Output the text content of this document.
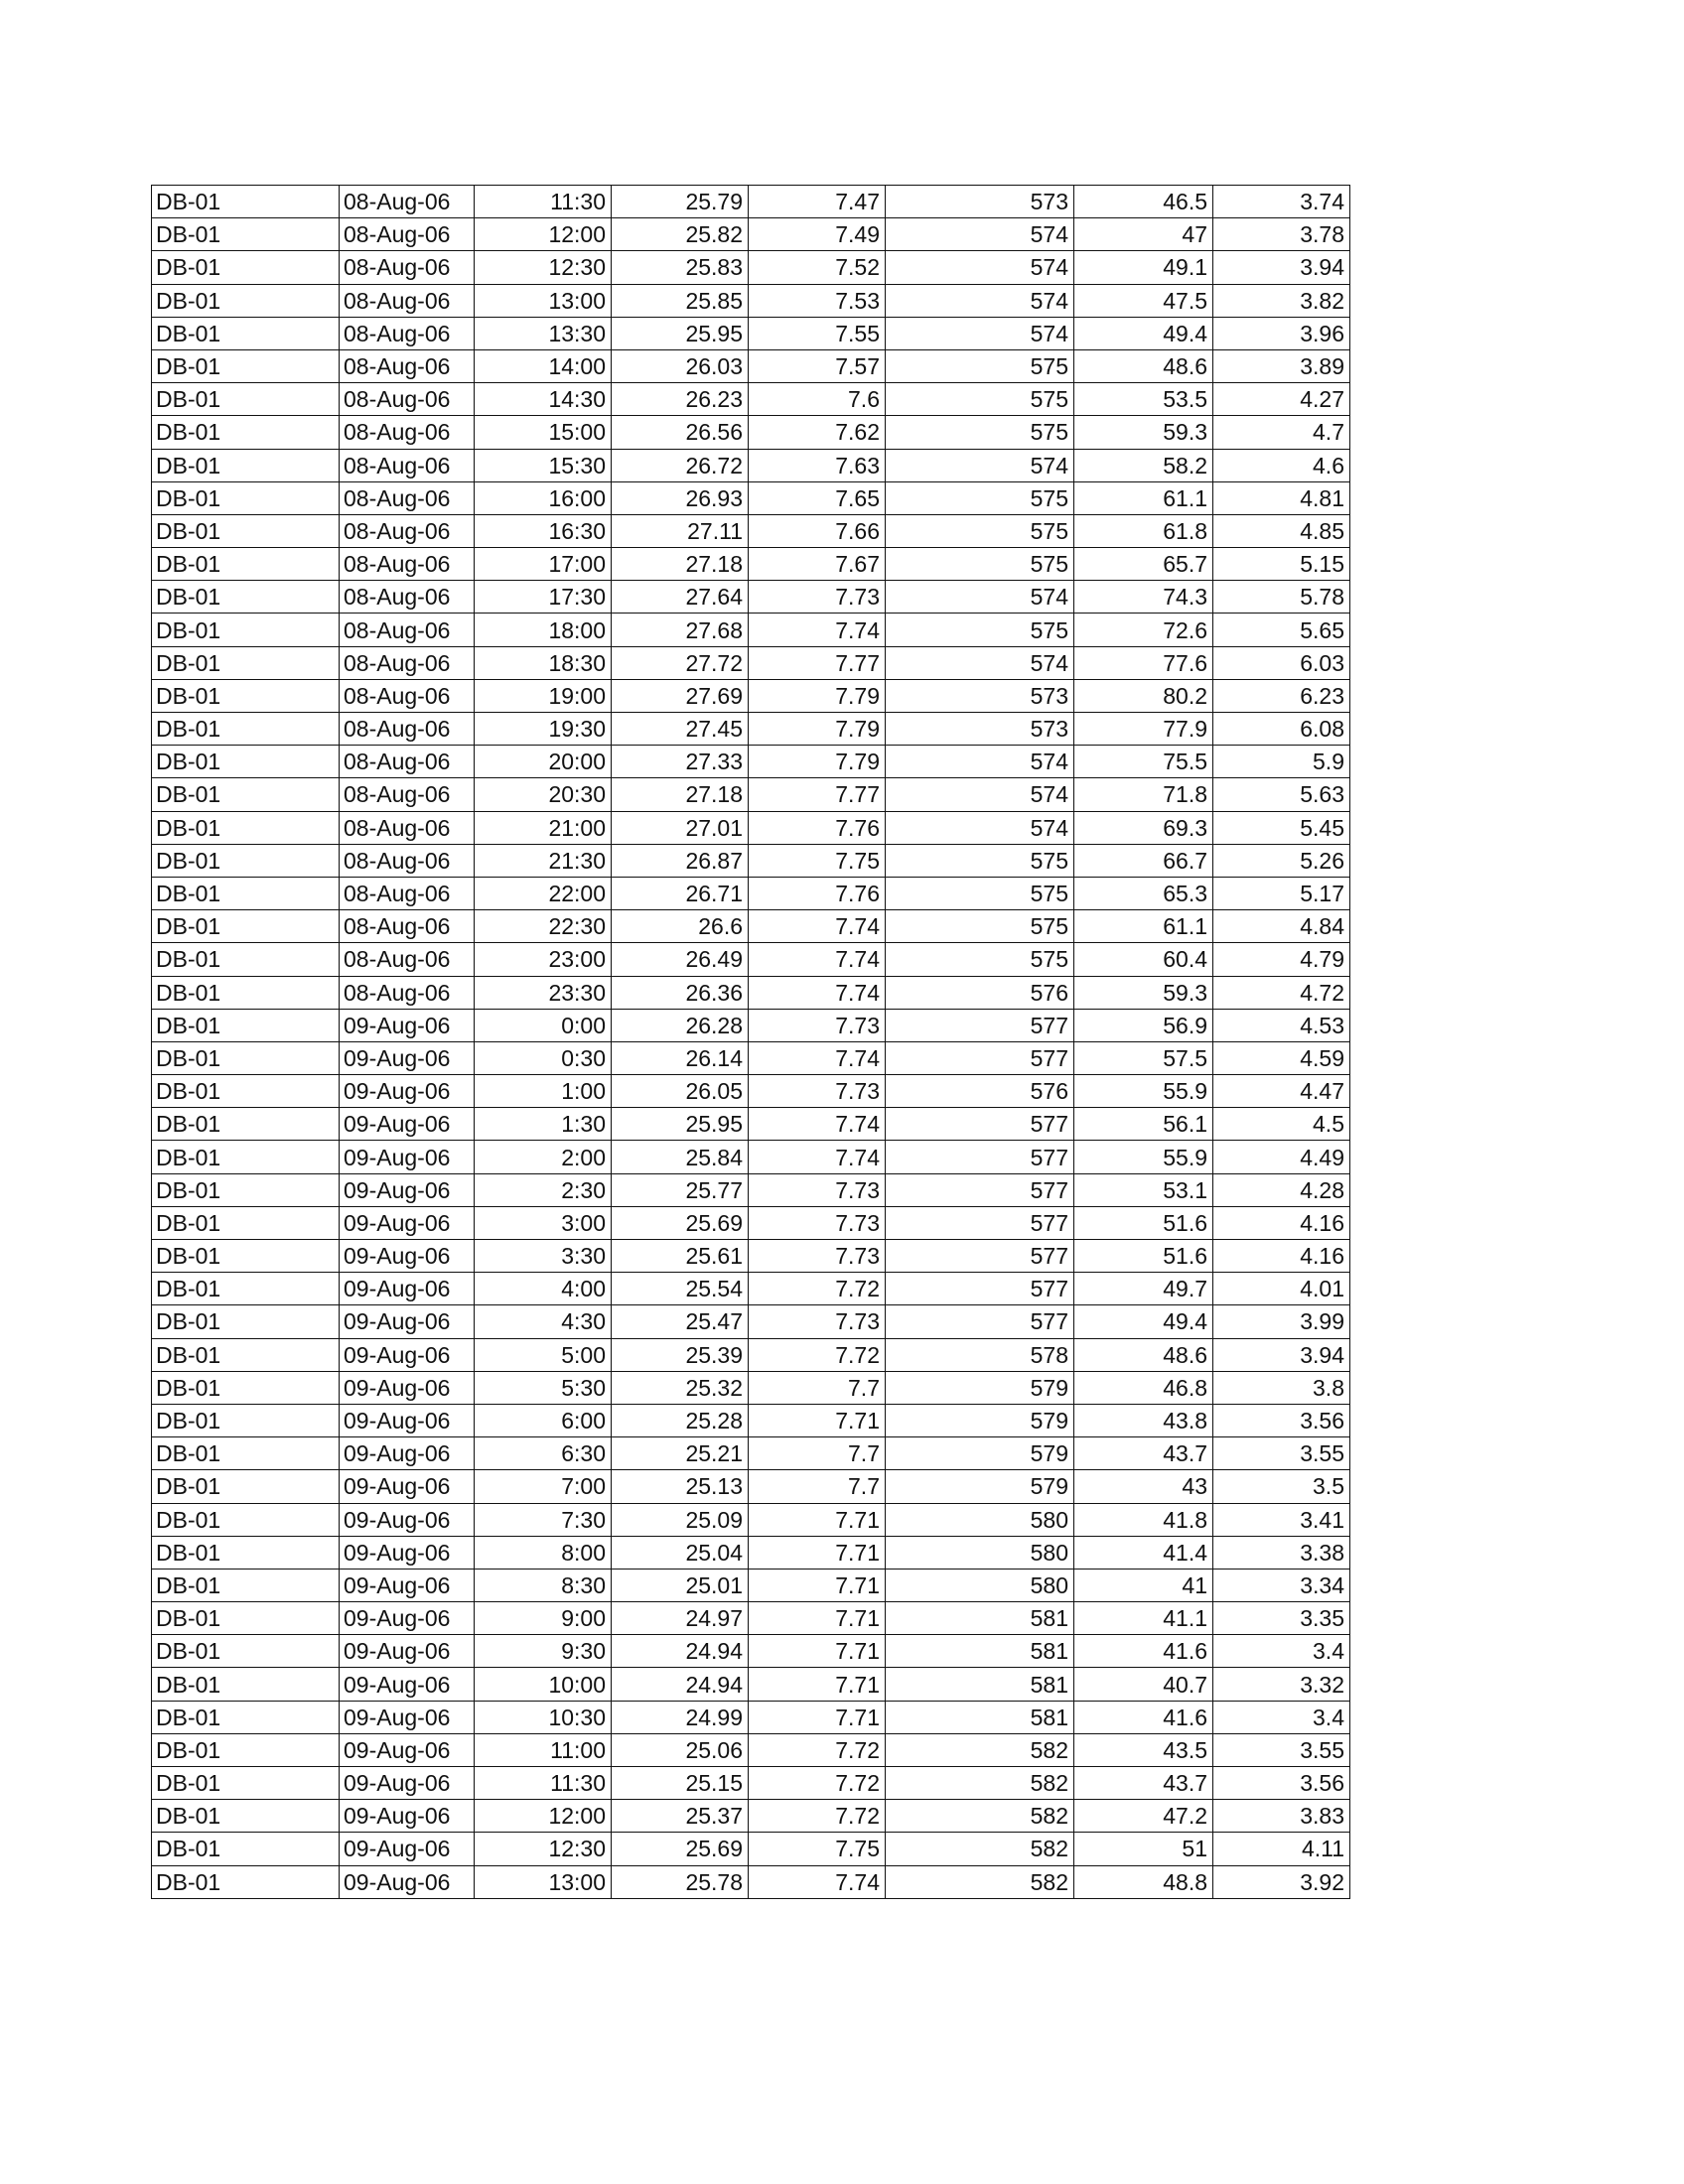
DB-01	08-Aug-06	11:30	25.79	7.47	573	46.5	3.74
DB-01	08-Aug-06	12:00	25.82	7.49	574	47	3.78
DB-01	08-Aug-06	12:30	25.83	7.52	574	49.1	3.94
DB-01	08-Aug-06	13:00	25.85	7.53	574	47.5	3.82
DB-01	08-Aug-06	13:30	25.95	7.55	574	49.4	3.96
DB-01	08-Aug-06	14:00	26.03	7.57	575	48.6	3.89
DB-01	08-Aug-06	14:30	26.23	7.6	575	53.5	4.27
DB-01	08-Aug-06	15:00	26.56	7.62	575	59.3	4.7
DB-01	08-Aug-06	15:30	26.72	7.63	574	58.2	4.6
DB-01	08-Aug-06	16:00	26.93	7.65	575	61.1	4.81
DB-01	08-Aug-06	16:30	27.11	7.66	575	61.8	4.85
DB-01	08-Aug-06	17:00	27.18	7.67	575	65.7	5.15
DB-01	08-Aug-06	17:30	27.64	7.73	574	74.3	5.78
DB-01	08-Aug-06	18:00	27.68	7.74	575	72.6	5.65
DB-01	08-Aug-06	18:30	27.72	7.77	574	77.6	6.03
DB-01	08-Aug-06	19:00	27.69	7.79	573	80.2	6.23
DB-01	08-Aug-06	19:30	27.45	7.79	573	77.9	6.08
DB-01	08-Aug-06	20:00	27.33	7.79	574	75.5	5.9
DB-01	08-Aug-06	20:30	27.18	7.77	574	71.8	5.63
DB-01	08-Aug-06	21:00	27.01	7.76	574	69.3	5.45
DB-01	08-Aug-06	21:30	26.87	7.75	575	66.7	5.26
DB-01	08-Aug-06	22:00	26.71	7.76	575	65.3	5.17
DB-01	08-Aug-06	22:30	26.6	7.74	575	61.1	4.84
DB-01	08-Aug-06	23:00	26.49	7.74	575	60.4	4.79
DB-01	08-Aug-06	23:30	26.36	7.74	576	59.3	4.72
DB-01	09-Aug-06	0:00	26.28	7.73	577	56.9	4.53
DB-01	09-Aug-06	0:30	26.14	7.74	577	57.5	4.59
DB-01	09-Aug-06	1:00	26.05	7.73	576	55.9	4.47
DB-01	09-Aug-06	1:30	25.95	7.74	577	56.1	4.5
DB-01	09-Aug-06	2:00	25.84	7.74	577	55.9	4.49
DB-01	09-Aug-06	2:30	25.77	7.73	577	53.1	4.28
DB-01	09-Aug-06	3:00	25.69	7.73	577	51.6	4.16
DB-01	09-Aug-06	3:30	25.61	7.73	577	51.6	4.16
DB-01	09-Aug-06	4:00	25.54	7.72	577	49.7	4.01
DB-01	09-Aug-06	4:30	25.47	7.73	577	49.4	3.99
DB-01	09-Aug-06	5:00	25.39	7.72	578	48.6	3.94
DB-01	09-Aug-06	5:30	25.32	7.7	579	46.8	3.8
DB-01	09-Aug-06	6:00	25.28	7.71	579	43.8	3.56
DB-01	09-Aug-06	6:30	25.21	7.7	579	43.7	3.55
DB-01	09-Aug-06	7:00	25.13	7.7	579	43	3.5
DB-01	09-Aug-06	7:30	25.09	7.71	580	41.8	3.41
DB-01	09-Aug-06	8:00	25.04	7.71	580	41.4	3.38
DB-01	09-Aug-06	8:30	25.01	7.71	580	41	3.34
DB-01	09-Aug-06	9:00	24.97	7.71	581	41.1	3.35
DB-01	09-Aug-06	9:30	24.94	7.71	581	41.6	3.4
DB-01	09-Aug-06	10:00	24.94	7.71	581	40.7	3.32
DB-01	09-Aug-06	10:30	24.99	7.71	581	41.6	3.4
DB-01	09-Aug-06	11:00	25.06	7.72	582	43.5	3.55
DB-01	09-Aug-06	11:30	25.15	7.72	582	43.7	3.56
DB-01	09-Aug-06	12:00	25.37	7.72	582	47.2	3.83
DB-01	09-Aug-06	12:30	25.69	7.75	582	51	4.11
DB-01	09-Aug-06	13:00	25.78	7.74	582	48.8	3.92
